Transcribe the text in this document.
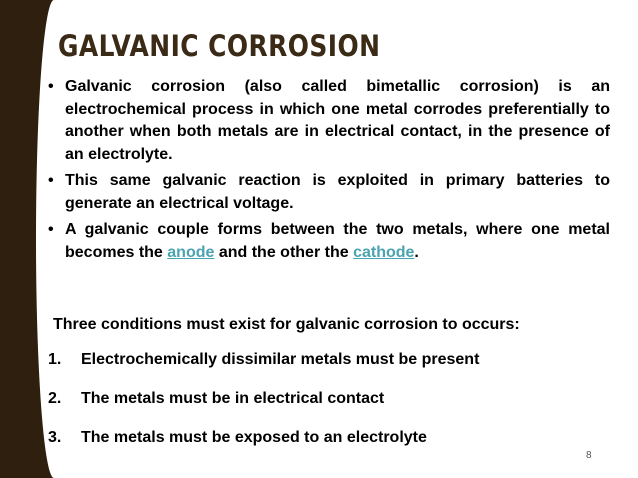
GALVANIC CORROSION
• Galvanic corrosion (also called bimetallic corrosion) is an electrochemical process in which one metal corrodes preferentially to another when both metals are in electrical contact, in the presence of an electrolyte.
• This same galvanic reaction is exploited in primary batteries to generate an electrical voltage.
• A galvanic couple forms between the two metals, where one metal becomes the anode and the other the cathode.

Three conditions must exist for galvanic corrosion to occurs:

1.	Electrochemically dissimilar metals must be present
2.	The metals must be in electrical contact
3.	The metals must be exposed to an electrolyte
8
